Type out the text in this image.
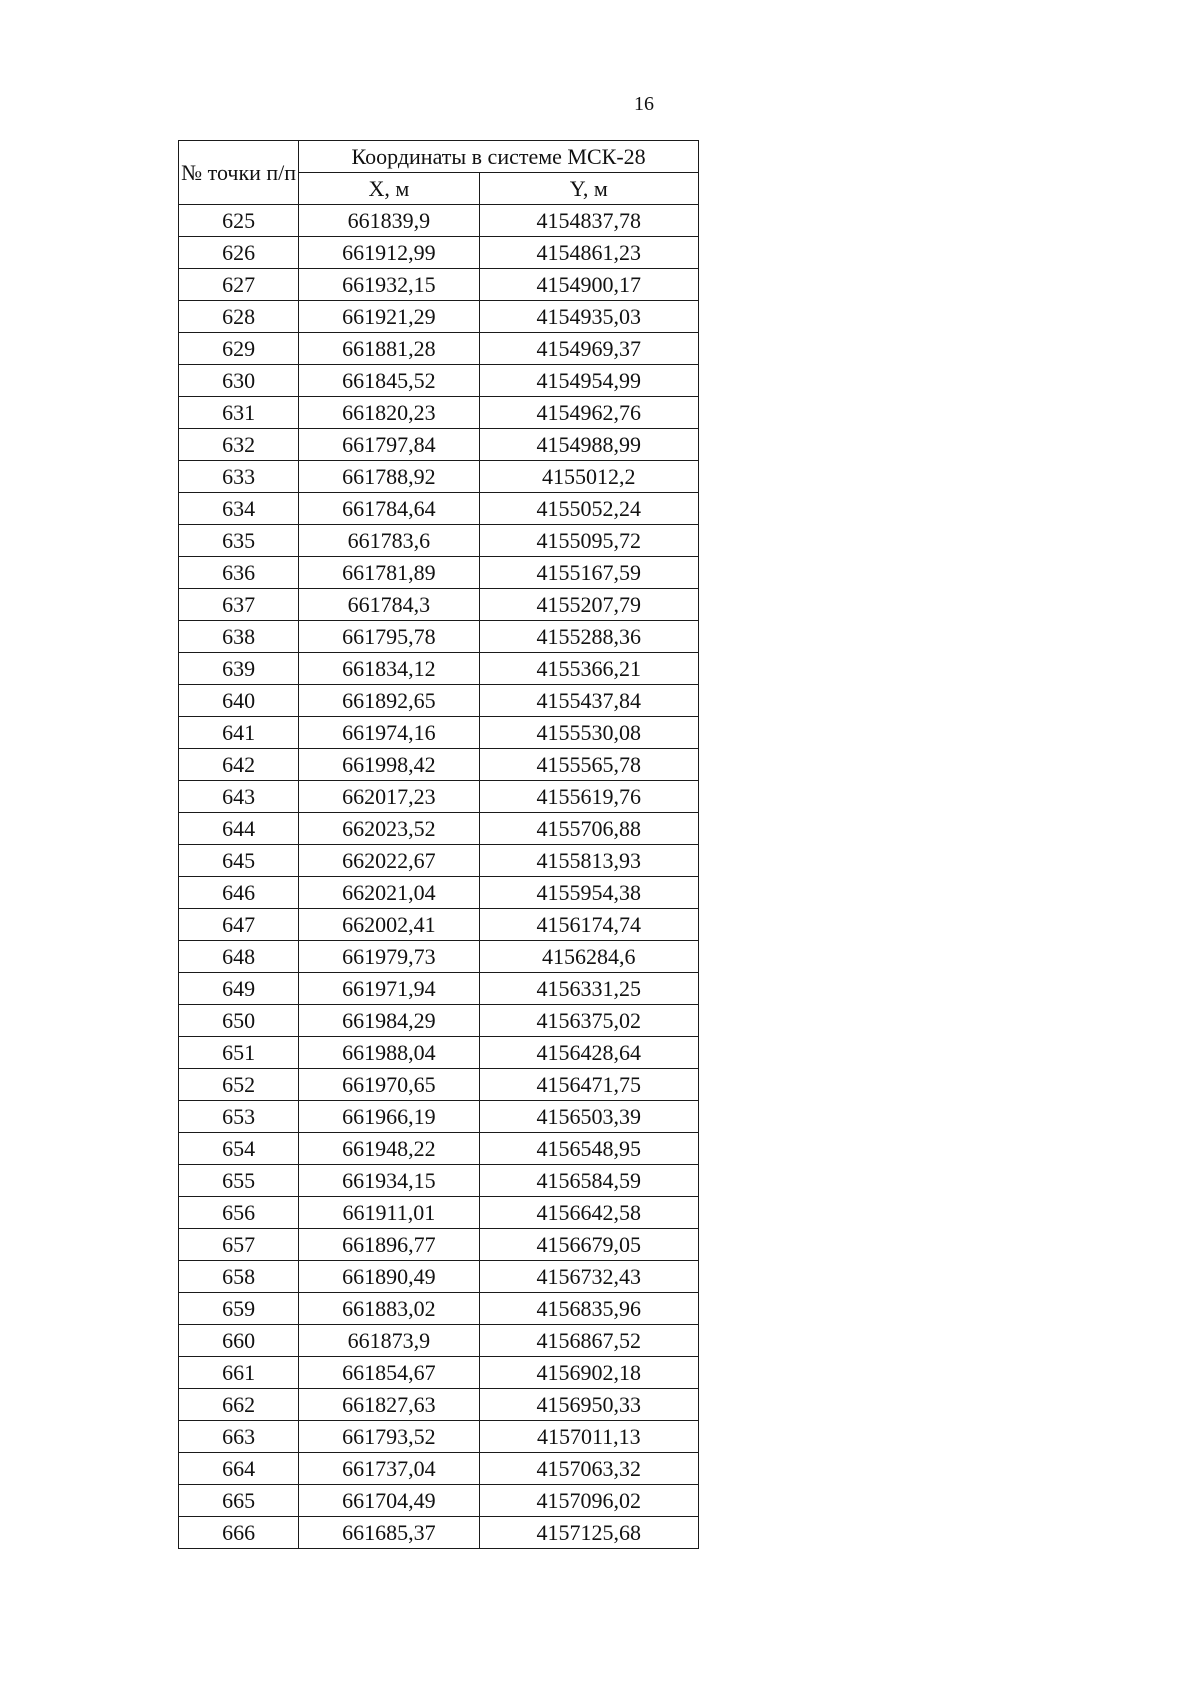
16
№ точки п/п	Координаты в системе МСК-28	
	X, м	Y, м
625	661839,9	4154837,78
626	661912,99	4154861,23
627	661932,15	4154900,17
628	661921,29	4154935,03
629	661881,28	4154969,37
630	661845,52	4154954,99
631	661820,23	4154962,76
632	661797,84	4154988,99
633	661788,92	4155012,2
634	661784,64	4155052,24
635	661783,6	4155095,72
636	661781,89	4155167,59
637	661784,3	4155207,79
638	661795,78	4155288,36
639	661834,12	4155366,21
640	661892,65	4155437,84
641	661974,16	4155530,08
642	661998,42	4155565,78
643	662017,23	4155619,76
644	662023,52	4155706,88
645	662022,67	4155813,93
646	662021,04	4155954,38
647	662002,41	4156174,74
648	661979,73	4156284,6
649	661971,94	4156331,25
650	661984,29	4156375,02
651	661988,04	4156428,64
652	661970,65	4156471,75
653	661966,19	4156503,39
654	661948,22	4156548,95
655	661934,15	4156584,59
656	661911,01	4156642,58
657	661896,77	4156679,05
658	661890,49	4156732,43
659	661883,02	4156835,96
660	661873,9	4156867,52
661	661854,67	4156902,18
662	661827,63	4156950,33
663	661793,52	4157011,13
664	661737,04	4157063,32
665	661704,49	4157096,02
666	661685,37	4157125,68
